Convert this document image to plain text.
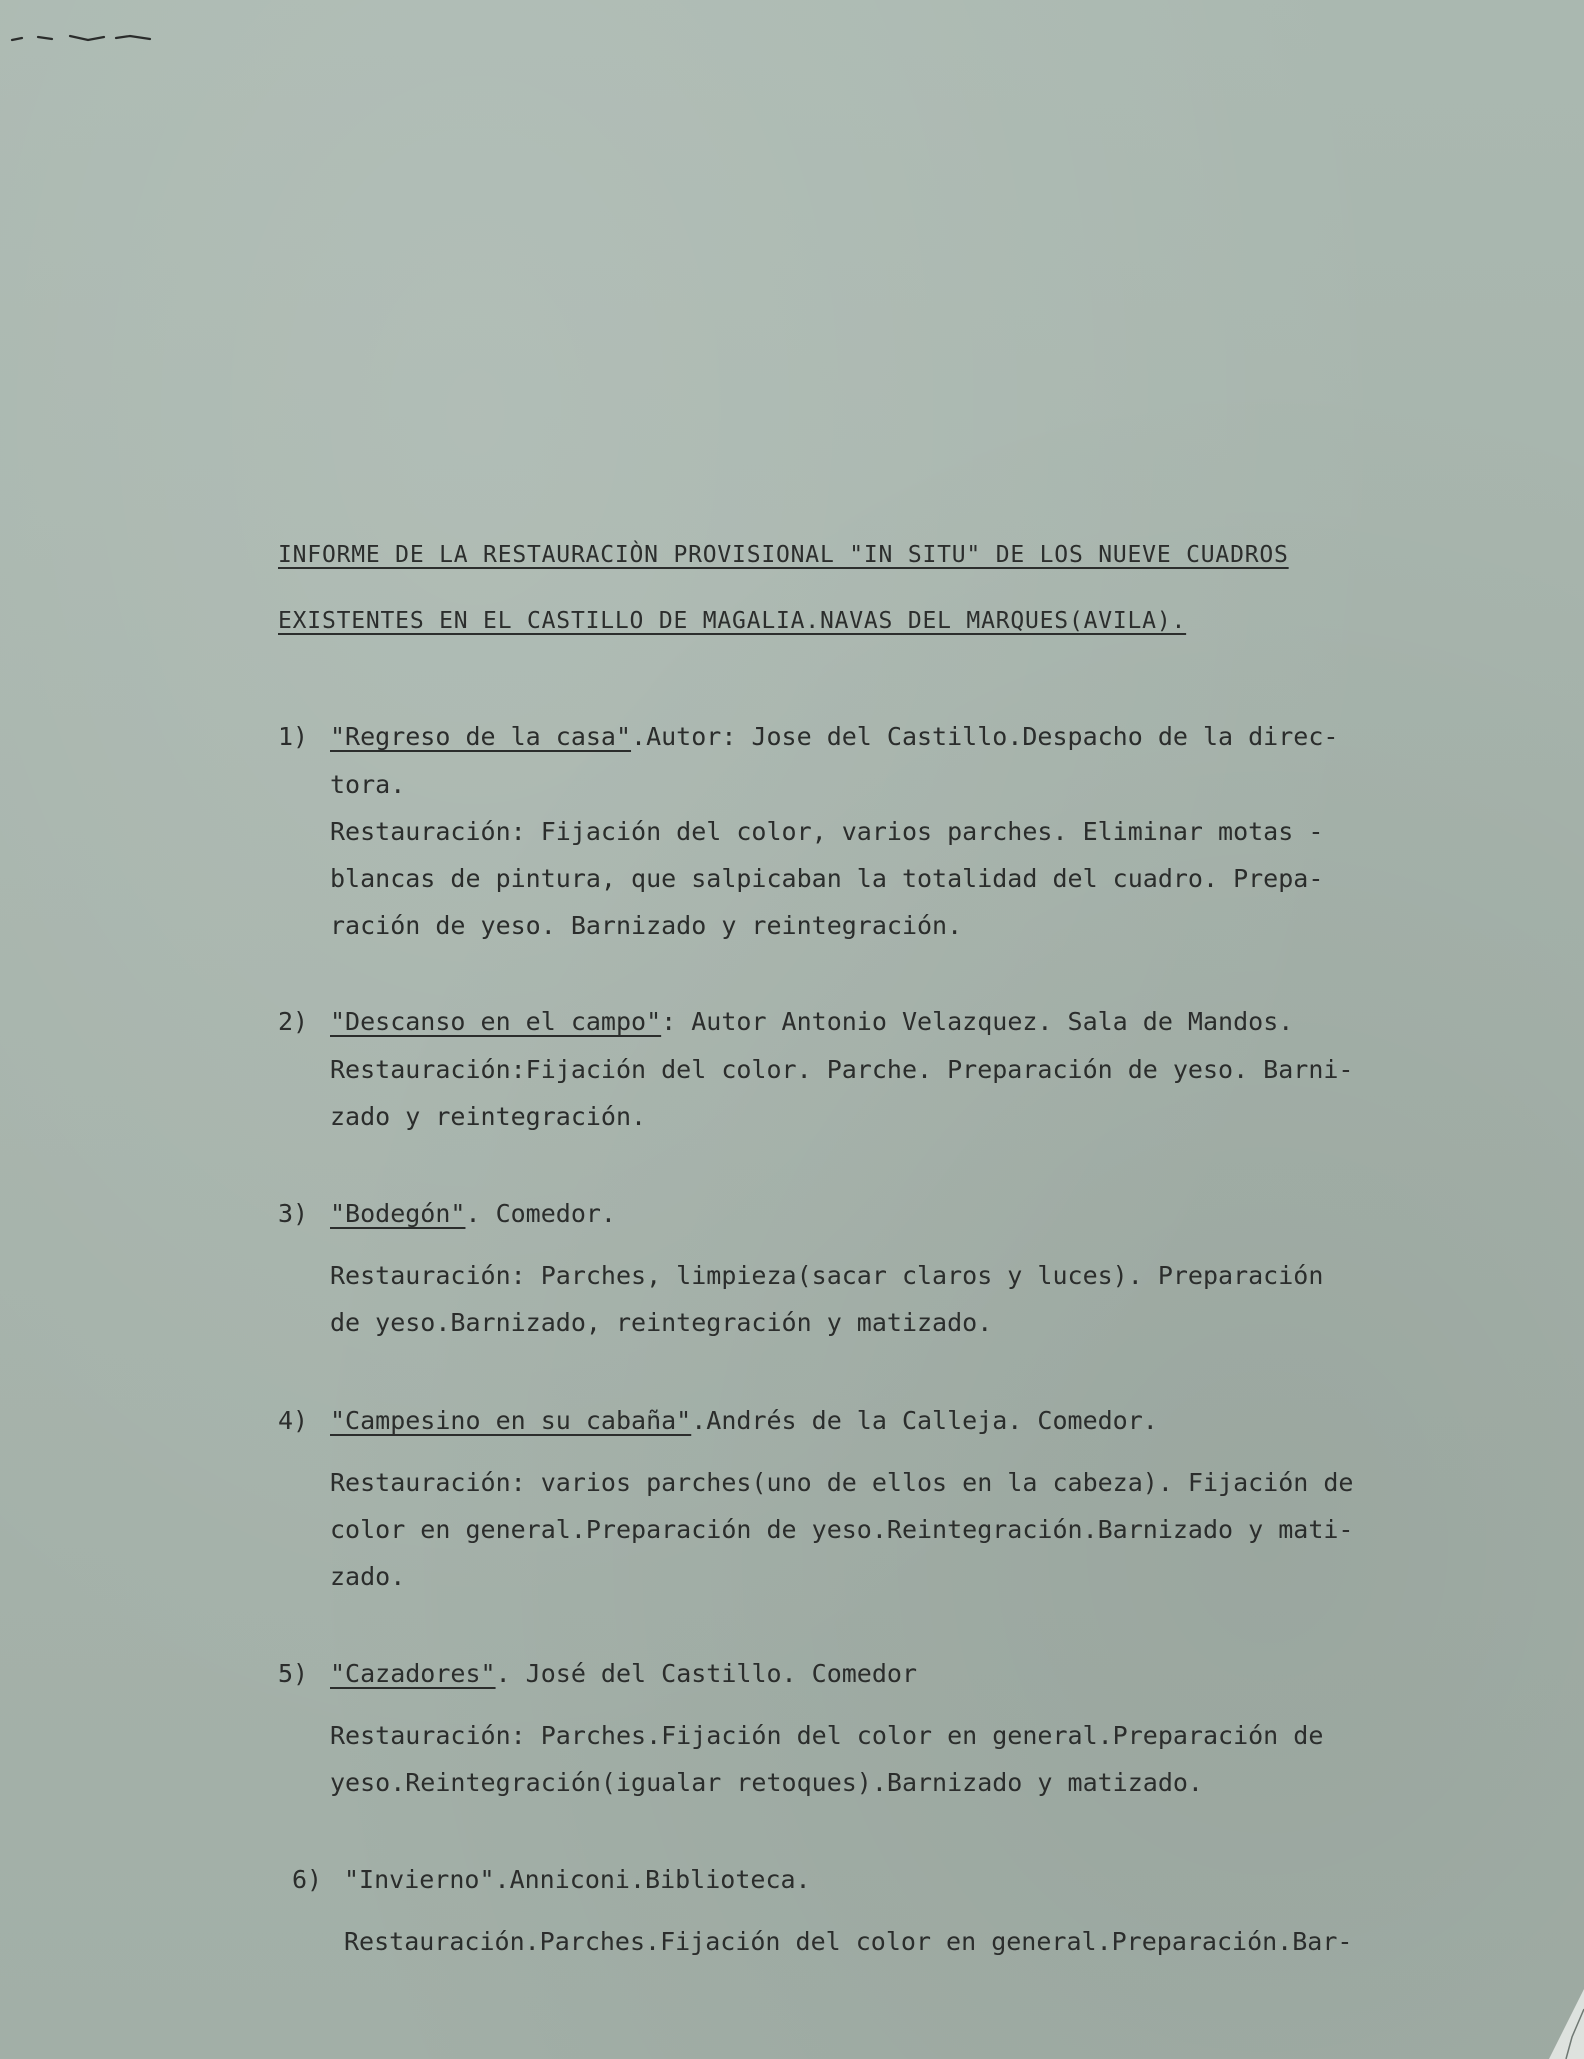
INFORME DE LA RESTAURACIÒN PROVISIONAL "IN SITU" DE LOS NUEVE CUADROS
EXISTENTES EN EL CASTILLO DE MAGALIA.NAVAS DEL MARQUES(AVILA).
1) "Regreso de la casa".Autor: Jose del Castillo.Despacho de la direc-
tora.
Restauración: Fijación del color, varios parches. Eliminar motas -
blancas de pintura, que salpicaban la totalidad del cuadro. Prepa-
ración de yeso. Barnizado y reintegración.
2) "Descanso en el campo": Autor Antonio Velazquez. Sala de Mandos.
Restauración:Fijación del color. Parche. Preparación de yeso. Barni-
zado y reintegración.
3) "Bodegón". Comedor.
Restauración: Parches, limpieza(sacar claros y luces). Preparación
de yeso.Barnizado, reintegración y matizado.
4) "Campesino en su cabaña".Andrés de la Calleja. Comedor.
Restauración: varios parches(uno de ellos en la cabeza). Fijación de
color en general.Preparación de yeso.Reintegración.Barnizado y mati-
zado.
5) "Cazadores". José del Castillo. Comedor
Restauración: Parches.Fijación del color en general.Preparación de
yeso.Reintegración(igualar retoques).Barnizado y matizado.
6) "Invierno".Anniconi.Biblioteca.
Restauración.Parches.Fijación del color en general.Preparación.Bar-
